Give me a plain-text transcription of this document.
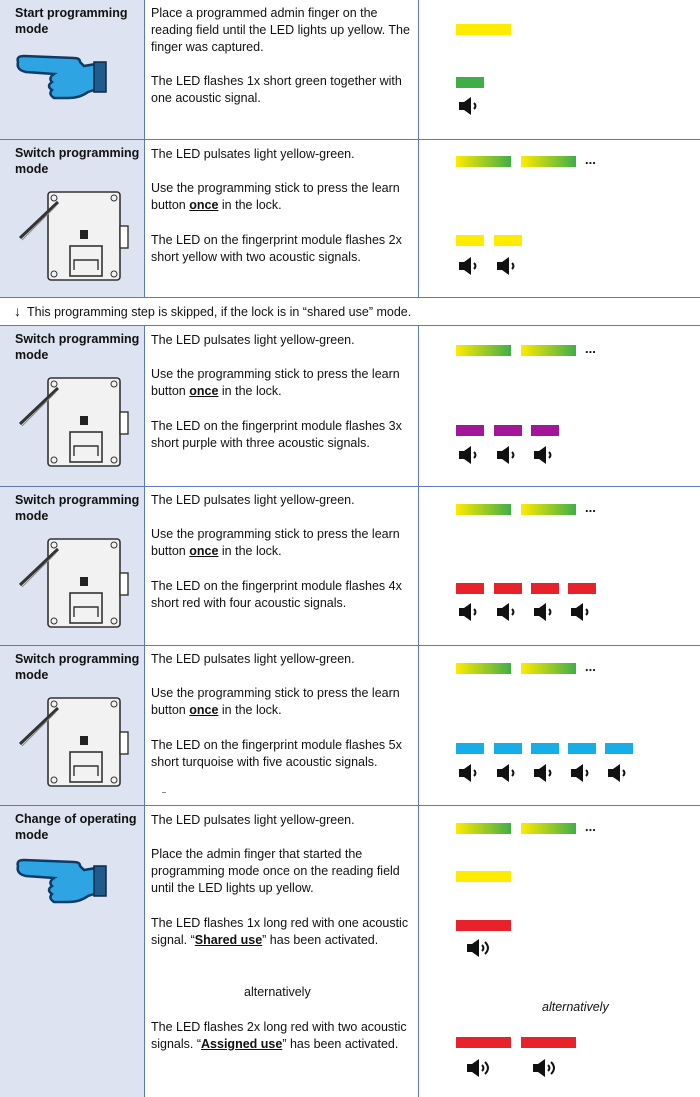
Start programming mode
Place a programmed admin finger on the reading field until the LED lights up yellow. The finger was captured.
The LED flashes 1x short green together with one acoustic signal.
Switch programming mode
The LED pulsates light yellow-green.
Use the programming stick to press the learn button once in the lock.
The LED on the fingerprint module flashes 2x short yellow with two acoustic signals.
...
↓ This programming step is skipped, if the lock is in “shared use” mode.
Switch programming mode
The LED pulsates light yellow-green.
Use the programming stick to press the learn button once in the lock.
The LED on the fingerprint module flashes 3x short purple with three acoustic signals.
...
Switch programming mode
The LED pulsates light yellow-green.
Use the programming stick to press the learn button once in the lock.
The LED on the fingerprint module flashes 4x short red with four acoustic signals.
...
Switch programming mode
The LED pulsates light yellow-green.
Use the programming stick to press the learn button once in the lock.
The LED on the fingerprint module flashes 5x short turquoise with five acoustic signals.
...
Change of operating mode
The LED pulsates light yellow-green.
Place the admin finger that started the programming mode once on the reading field until the LED lights up yellow.
The LED flashes 1x long red with one acoustic signal. “Shared use” has been activated.
alternatively
The LED flashes 2x long red with two acoustic signals. “Assigned use” has been activated.
...
alternatively
